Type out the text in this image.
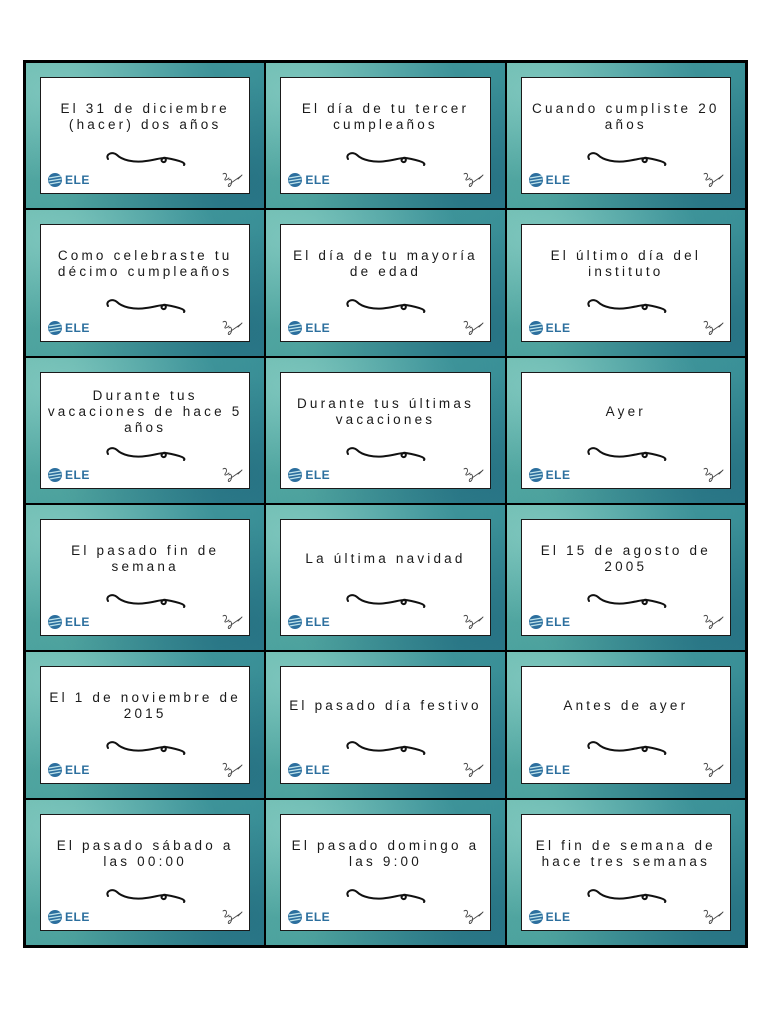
El 31 de diciembre (hacer) dos años
ELE
El día de tu tercer cumpleaños
ELE
Cuando cumpliste 20 años
ELE
Como celebraste tu décimo cumpleaños
ELE
El día de tu mayoría de edad
ELE
El último día del instituto
ELE
Durante tus vacaciones de hace 5 años
ELE
Durante tus últimas vacaciones
ELE
Ayer
ELE
El pasado fin de semana
ELE
La última navidad
ELE
El 15 de agosto de 2005
ELE
El 1 de noviembre de 2015
ELE
El pasado día festivo
ELE
Antes de ayer
ELE
El pasado sábado a las 00:00
ELE
El pasado domingo a las 9:00
ELE
El fin de semana de hace tres semanas
ELE
